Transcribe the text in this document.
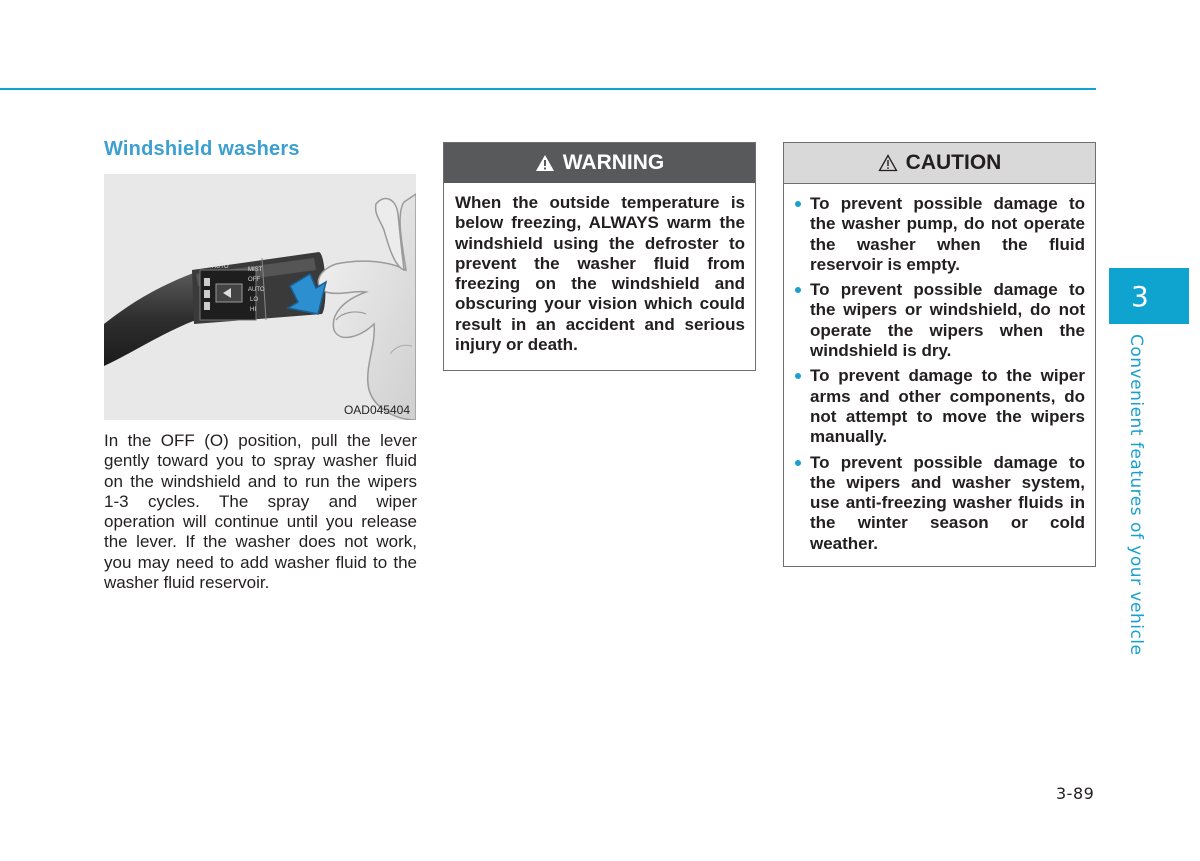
Windshield washers
AUTO	MIST
OFF
AUTO
LO
HI
OAD045404

In the OFF (O) position, pull the lever gently toward you to spray washer fluid on the windshield and to run the wipers 1-3 cycles. The spray and wiper operation will continue until you release the lever. If the washer does not work, you may need to add washer fluid to the washer fluid reservoir.

WARNING

When the outside temperature is below freezing, ALWAYS warm the windshield using the defroster to prevent the washer fluid from freezing on the windshield and obscuring your vision which could result in an accident and serious injury or death.

CAUTION
To prevent possible damage to the washer pump, do not operate the washer when the fluid reservoir is empty.
To prevent possible damage to the wipers or windshield, do not operate the wipers when the windshield is dry.
To prevent damage to the wiper arms and other components, do not attempt to move the wipers manually.
To prevent possible damage to the wipers and washer system, use anti-freezing washer fluids in the winter season or cold weather.
3
Convenient features of your vehicle
3-89
